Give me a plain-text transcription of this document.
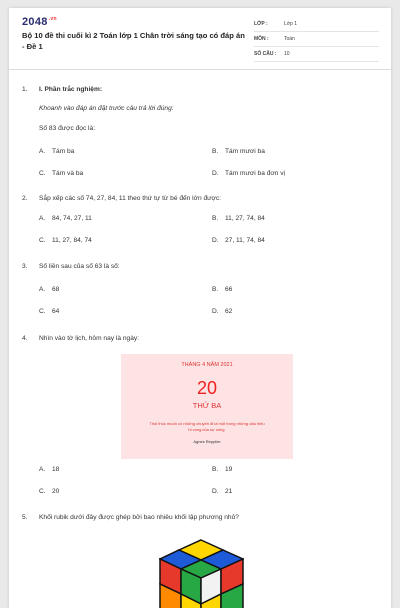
$2048^{.vn}$
Bộ 10 đề thi cuối kì 2 Toán lớp 1 Chân trời sáng tạo có đáp án - Đề 1
LỚP :	Lớp 1
MÔN :	Toán
SỐ CÂU :	10
1.	I. Phần trắc nghiệm:
Khoanh vào đáp án đặt trước câu trả lời đúng:
Số 83 được đọc là:
A. Tám ba	B. Tám mươi ba
C. Tám và ba	D. Tám mươi ba đơn vị
2.	Sắp xếp các số 74, 27, 84, 11 theo thứ tự từ bé đến lớn được:
A. 84, 74, 27, 11	B. 11, 27, 74, 84
C. 11, 27, 84, 74	D. 27, 11, 74, 84
3.	Số liền sau của số 63 là số:
A. 68	B. 66
C. 64	D. 62
4.	Nhìn vào tờ lịch, hôm nay là ngày:
THÁNG 4 NĂM 2021
20
THỨ BA
Thói thúc muốn có những chuyến đi là một trong những dấu hiệu hi vọng của sự sống.
Agnes Repplier
A. 18	B. 19
C. 20	D. 21
5.	Khối rubik dưới đây được ghép bởi bao nhiêu khối lập phương nhỏ?
